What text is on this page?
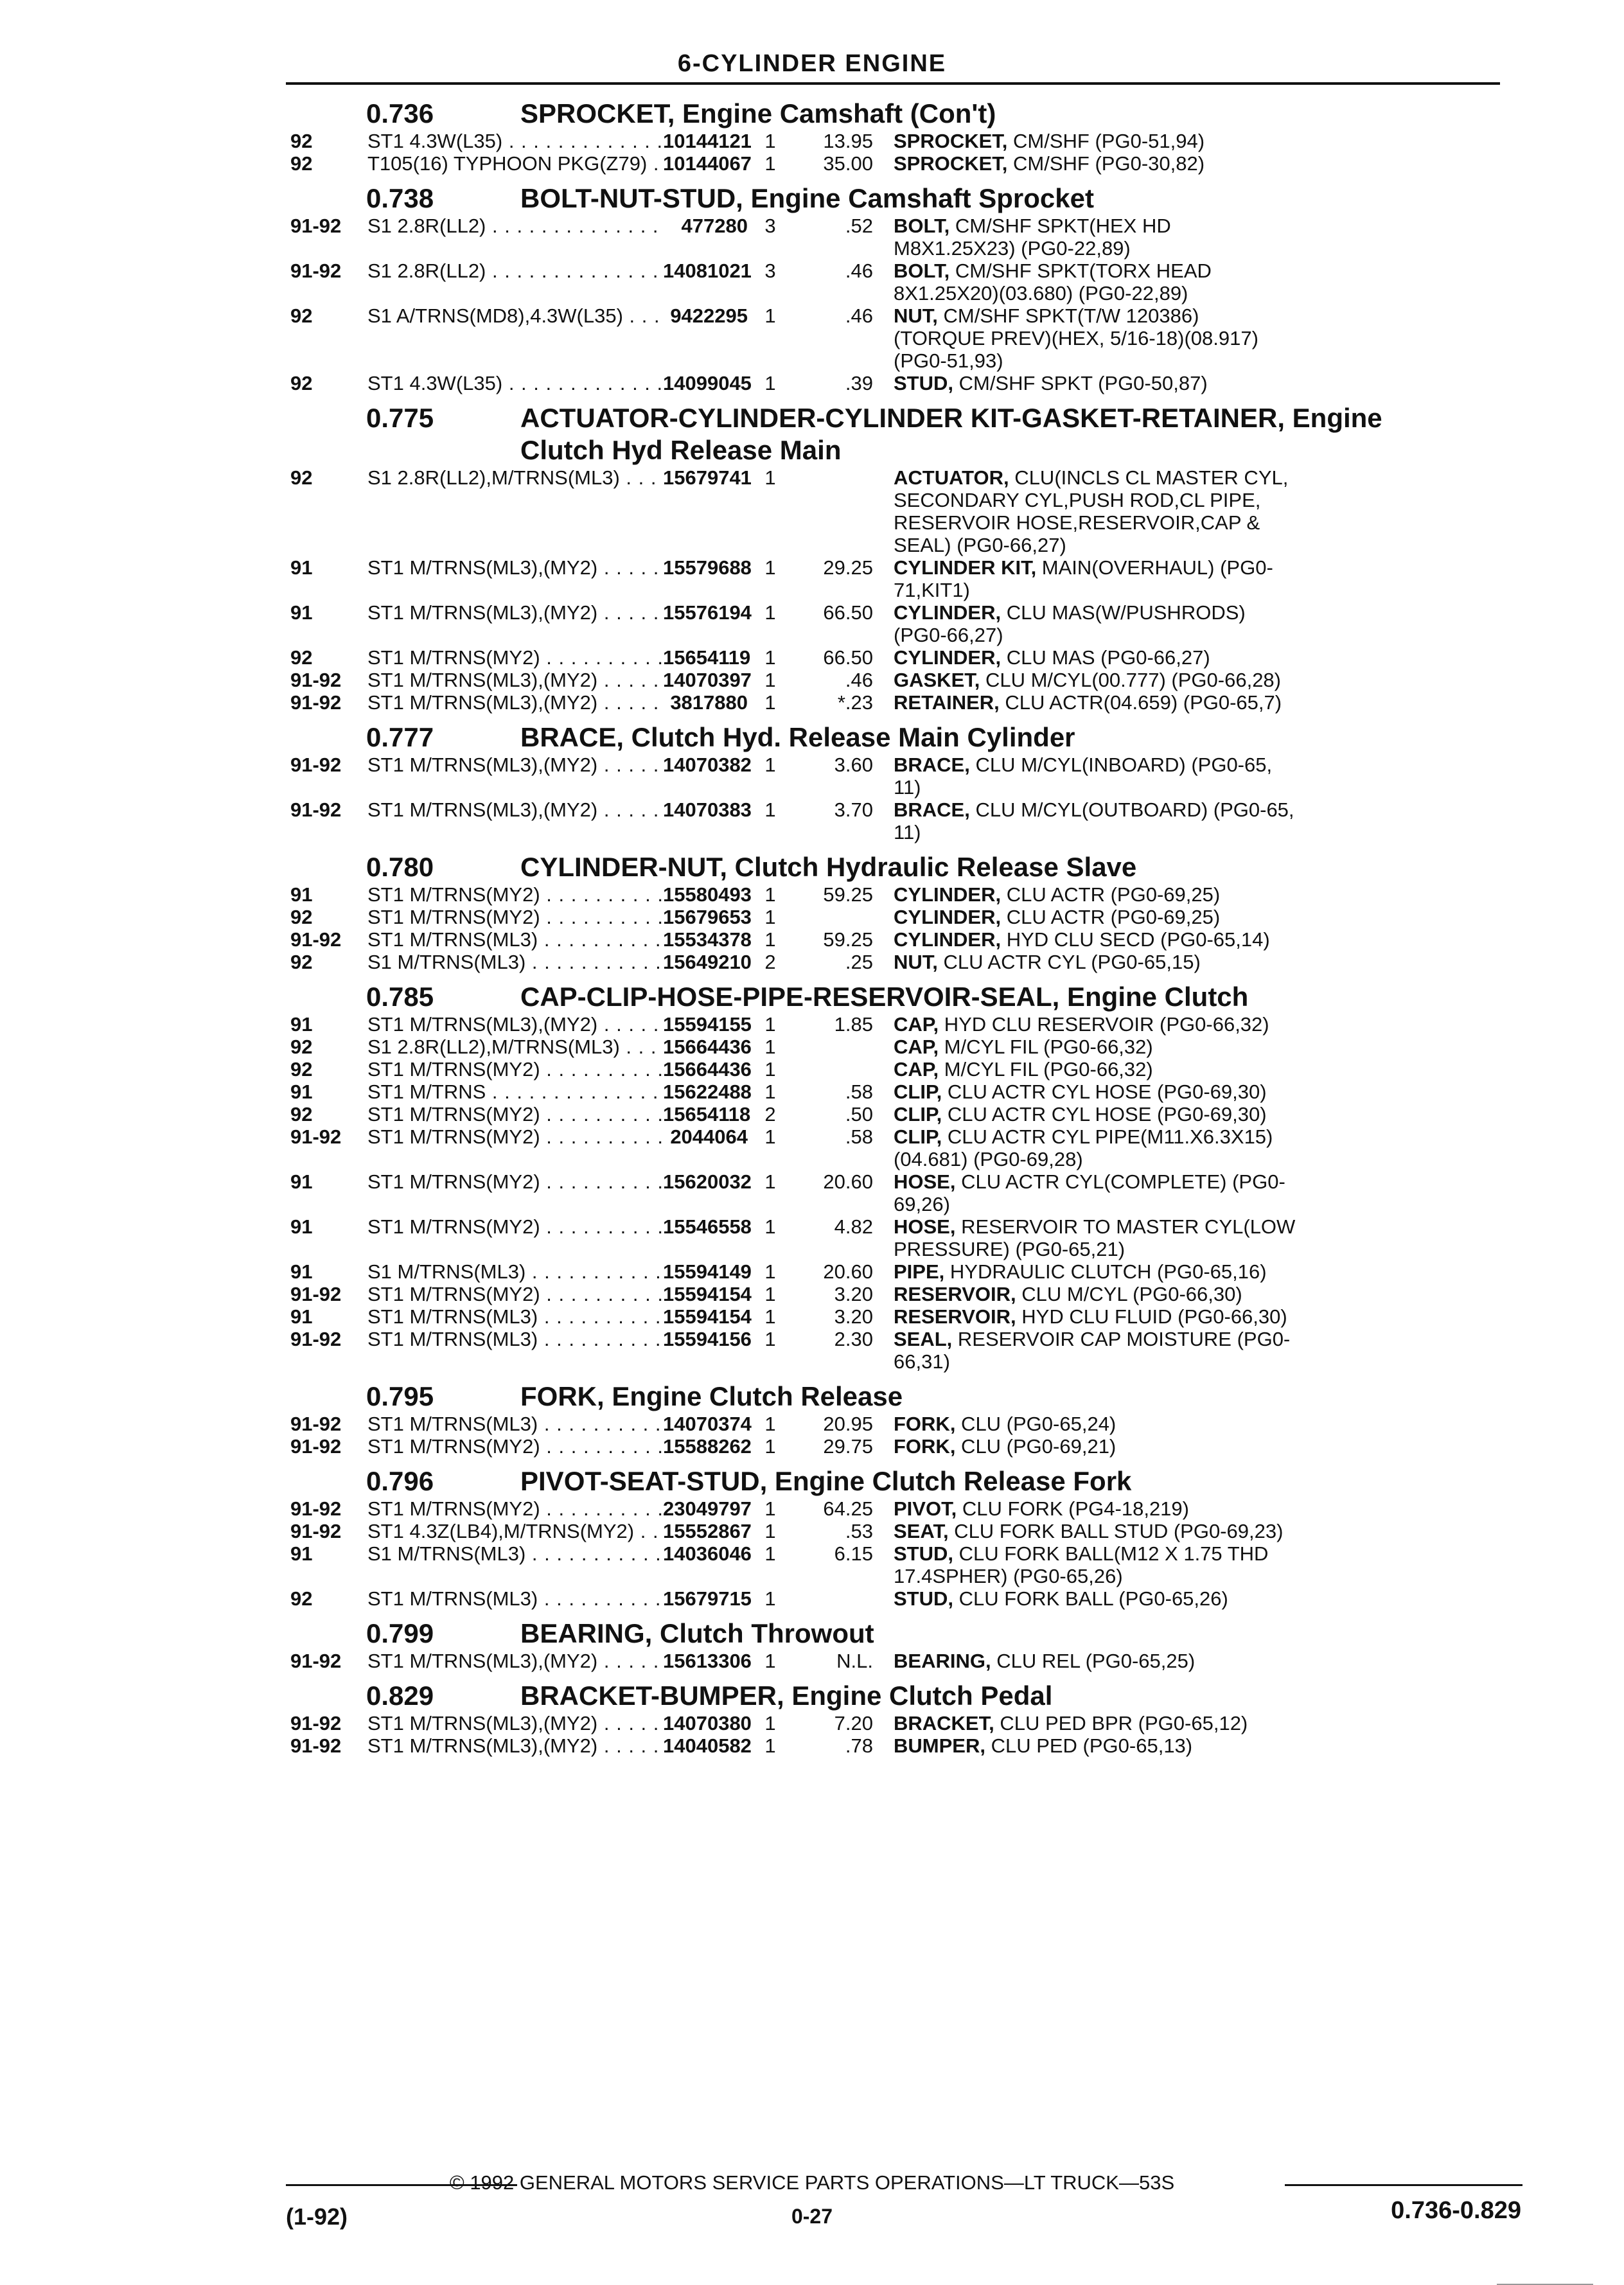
6-CYLINDER ENGINE
0.736	SPROCKET, Engine Camshaft (Con't)
92	ST1 4.3W(L35) . . .	10144121 1	13.95	SPROCKET, CM/SHF (PG0-51,94)
92	T105(16) TYPHOON PKG(Z79) . . . 10144067 1	35.00	SPROCKET, CM/SHF (PG0-30,82)
0.738	BOLT-NUT-STUD, Engine Camshaft Sprocket
91-92	S1 2.8R(LL2) . . .	477280 3	.52	BOLT, CM/SHF SPKT(HEX HD
M8X1.25X23) (PG0-22,89)
91-92	S1 2.8R(LL2) . . .	14081021 3	.46	BOLT, CM/SHF SPKT(TORX HEAD
8X1.25X20)(03.680) (PG0-22,89)
92	S1 A/TRNS(MD8),4.3W(L35) . . .	9422295 1	.46	NUT, CM/SHF SPKT(T/W 120386)
(TORQUE PREV)(HEX, 5/16-18)(08.917)
(PG0-51,93)
92	ST1 4.3W(L35) . . .	14099045 1	.39	STUD, CM/SHF SPKT (PG0-50,87)
0.775	ACTUATOR-CYLINDER-CYLINDER KIT-GASKET-RETAINER, Engine
Clutch Hyd Release Main
92	S1 2.8R(LL2),M/TRNS(ML3) . . .	15679741 1	ACTUATOR, CLU(INCLS CL MASTER CYL,
SECONDARY CYL,PUSH ROD,CL PIPE,
RESERVOIR HOSE,RESERVOIR,CAP &
SEAL) (PG0-66,27)
91	ST1 M/TRNS(ML3),(MY2) . . .	15579688 1	29.25	CYLINDER KIT, MAIN(OVERHAUL) (PG0-
71,KIT1)
91	ST1 M/TRNS(ML3),(MY2) . . .	15576194 1	66.50	CYLINDER, CLU MAS(W/PUSHRODS)
(PG0-66,27)
92	ST1 M/TRNS(MY2) . . .	15654119 1	66.50	CYLINDER, CLU MAS (PG0-66,27)
91-92	ST1 M/TRNS(ML3),(MY2) . . .	14070397 1	.46	GASKET, CLU M/CYL(00.777) (PG0-66,28)
91-92	ST1 M/TRNS(ML3),(MY2) . . .	3817880 1	*.23	RETAINER, CLU ACTR(04.659) (PG0-65,7)
0.777	BRACE, Clutch Hyd. Release Main Cylinder
91-92	ST1 M/TRNS(ML3),(MY2) . . .	14070382 1	3.60	BRACE, CLU M/CYL(INBOARD) (PG0-65,
11)
91-92	ST1 M/TRNS(ML3),(MY2) . . .	14070383 1	3.70	BRACE, CLU M/CYL(OUTBOARD) (PG0-65,
11)
0.780	CYLINDER-NUT, Clutch Hydraulic Release Slave
91	ST1 M/TRNS(MY2) . . .	15580493 1	59.25	CYLINDER, CLU ACTR (PG0-69,25)
92	ST1 M/TRNS(MY2) . . .	15679653 1	CYLINDER, CLU ACTR (PG0-69,25)
91-92	ST1 M/TRNS(ML3) . . .	15534378 1	59.25	CYLINDER, HYD CLU SECD (PG0-65,14)
92	S1 M/TRNS(ML3) . . .	15649210 2	.25	NUT, CLU ACTR CYL (PG0-65,15)
0.785	CAP-CLIP-HOSE-PIPE-RESERVOIR-SEAL, Engine Clutch
91	ST1 M/TRNS(ML3),(MY2) . . .	15594155 1	1.85	CAP, HYD CLU RESERVOIR (PG0-66,32)
92	S1 2.8R(LL2),M/TRNS(ML3) . . .	15664436 1	CAP, M/CYL FIL (PG0-66,32)
92	ST1 M/TRNS(MY2) . . .	15664436 1	CAP, M/CYL FIL (PG0-66,32)
91	ST1 M/TRNS . . .	15622488 1	.58	CLIP, CLU ACTR CYL HOSE (PG0-69,30)
92	ST1 M/TRNS(MY2) . . .	15654118 2	.50	CLIP, CLU ACTR CYL HOSE (PG0-69,30)
91-92	ST1 M/TRNS(MY2) . . .	2044064 1	.58	CLIP, CLU ACTR CYL PIPE(M11.X6.3X15)
(04.681) (PG0-69,28)
91	ST1 M/TRNS(MY2) . . .	15620032 1	20.60	HOSE, CLU ACTR CYL(COMPLETE) (PG0-
69,26)
91	ST1 M/TRNS(MY2) . . .	15546558 1	4.82	HOSE, RESERVOIR TO MASTER CYL(LOW
PRESSURE) (PG0-65,21)
91	S1 M/TRNS(ML3) . . .	15594149 1	20.60	PIPE, HYDRAULIC CLUTCH (PG0-65,16)
91-92	ST1 M/TRNS(MY2) . . .	15594154 1	3.20	RESERVOIR, CLU M/CYL (PG0-66,30)
91	ST1 M/TRNS(ML3) . . .	15594154 1	3.20	RESERVOIR, HYD CLU FLUID (PG0-66,30)
91-92	ST1 M/TRNS(ML3) . . .	15594156 1	2.30	SEAL, RESERVOIR CAP MOISTURE (PG0-
66,31)
0.795	FORK, Engine Clutch Release
91-92	ST1 M/TRNS(ML3) . . .	14070374 1	20.95	FORK, CLU (PG0-65,24)
91-92	ST1 M/TRNS(MY2) . . .	15588262 1	29.75	FORK, CLU (PG0-69,21)
0.796	PIVOT-SEAT-STUD, Engine Clutch Release Fork
91-92	ST1 M/TRNS(MY2) . . .	23049797 1	64.25	PIVOT, CLU FORK (PG4-18,219)
91-92	ST1 4.3Z(LB4),M/TRNS(MY2) . . .	15552867 1	.53	SEAT, CLU FORK BALL STUD (PG0-69,23)
91	S1 M/TRNS(ML3) . . .	14036046 1	6.15	STUD, CLU FORK BALL(M12 X 1.75 THD
17.4SPHER) (PG0-65,26)
92	ST1 M/TRNS(ML3) . . .	15679715 1	STUD, CLU FORK BALL (PG0-65,26)
0.799	BEARING, Clutch Throwout
91-92	ST1 M/TRNS(ML3),(MY2) . . .	15613306 1	N.L.	BEARING, CLU REL (PG0-65,25)
0.829	BRACKET-BUMPER, Engine Clutch Pedal
91-92	ST1 M/TRNS(ML3),(MY2) . . .	14070380 1	7.20	BRACKET, CLU PED BPR (PG0-65,12)
91-92	ST1 M/TRNS(ML3),(MY2) . . .	14040582 1	.78	BUMPER, CLU PED (PG0-65,13)
© 1992 GENERAL MOTORS SERVICE PARTS OPERATIONS—LT TRUCK—53S
(1-92)	0-27	0.736-0.829
